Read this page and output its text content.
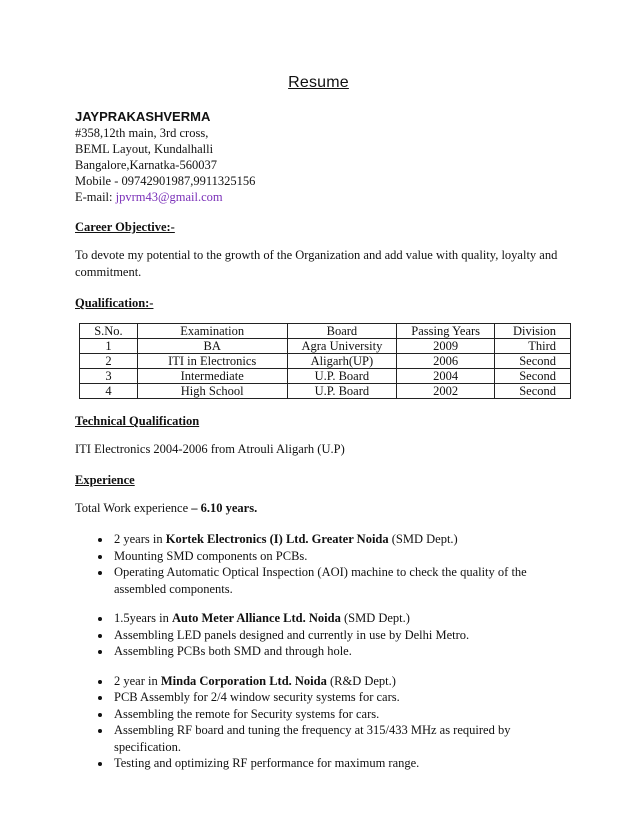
Resume
JAYPRAKASHVERMA
#358,12th main, 3rd cross,
BEML Layout, Kundalhalli
Bangalore,Karnatka-560037
Mobile - 09742901987,9911325156
E-mail: jpvrm43@gmail.com
Career Objective:-

To devote my potential to the growth of the Organization and add value with quality, loyalty and commitment.

Qualification:-
S.No.	Examination	Board	Passing Years	Division
1	BA	Agra University	2009	Third
2	ITI in Electronics	Aligarh(UP)	2006	Second
3	Intermediate	U.P. Board	2004	Second
4	High School	U.P. Board	2002	Second
Technical Qualification

ITI Electronics 2004-2006 from Atrouli Aligarh (U.P)

Experience

Total Work experience – 6.10 years.

• 2 years in Kortek Electronics (I) Ltd. Greater Noida (SMD Dept.)
• Mounting SMD components on PCBs.
• Operating Automatic Optical Inspection (AOI) machine to check the quality of the assembled components.
• 1.5years in Auto Meter Alliance Ltd. Noida (SMD Dept.)
• Assembling LED panels designed and currently in use by Delhi Metro.
• Assembling PCBs both SMD and through hole.
• 2 year in Minda Corporation Ltd. Noida (R&D Dept.)
• PCB Assembly for 2/4 window security systems for cars.
• Assembling the remote for Security systems for cars.
• Assembling RF board and tuning the frequency at 315/433 MHz as required by specification.
• Testing and optimizing RF performance for maximum range.
